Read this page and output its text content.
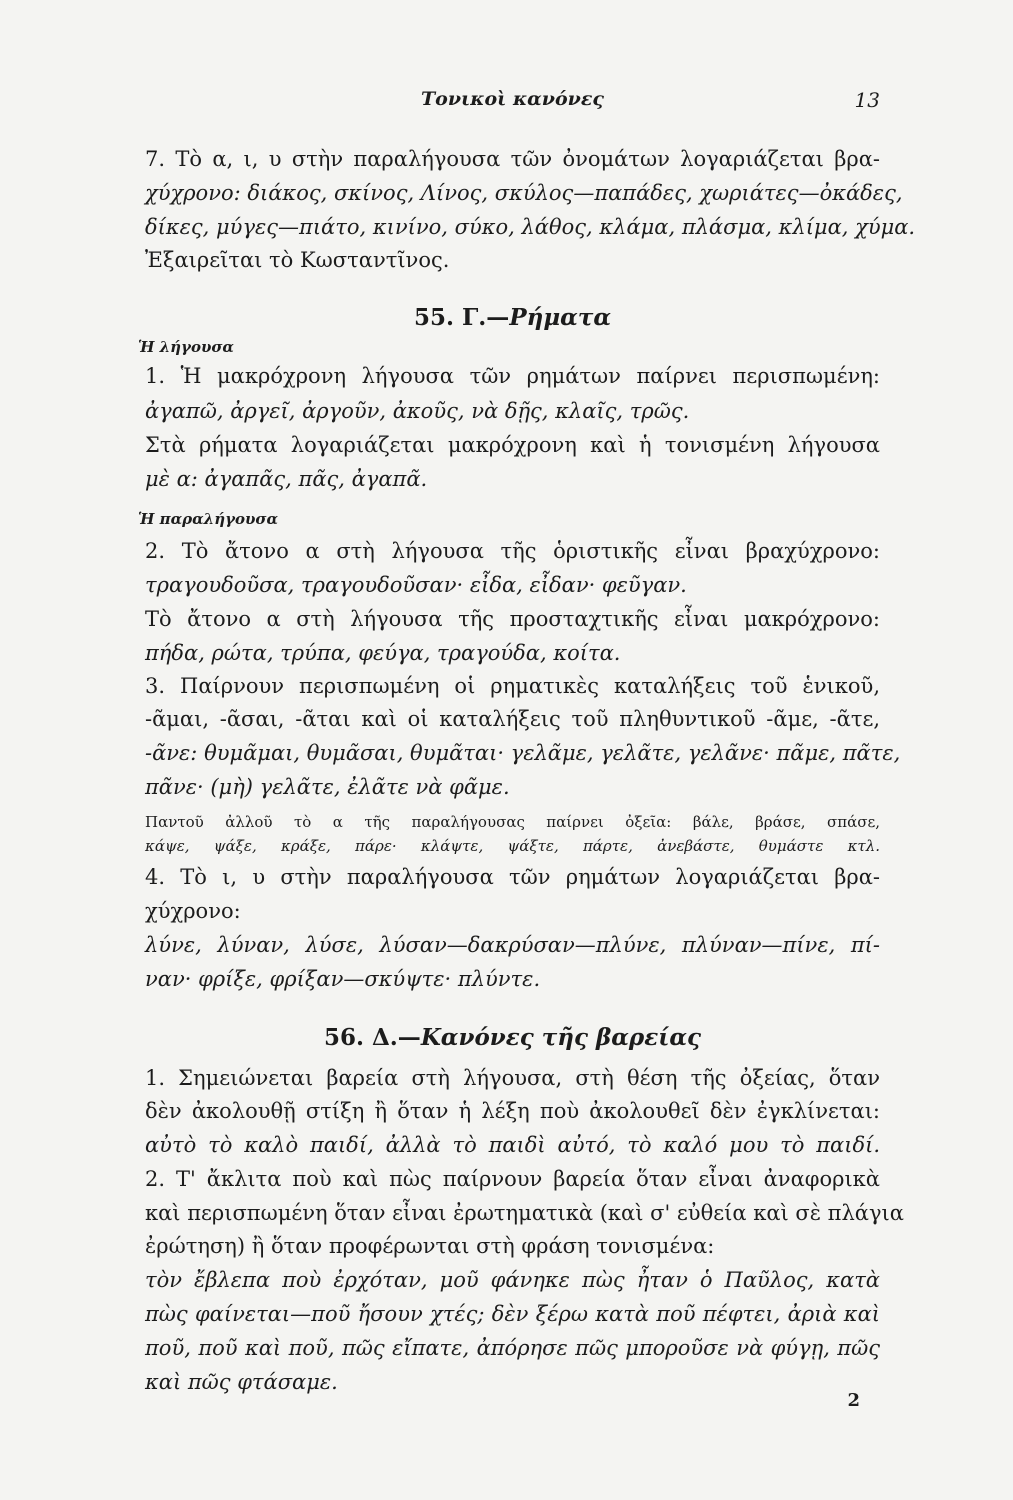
Τονικοὶ κανόνες	13
7. Τὸ α, ι, υ στὴν παραλήγουσα τῶν ὀνομάτων λογαριάζεται βρα-
χύχρονο: διάκος, σκίνος, Λίνος, σκύλος—παπάδες, χωριάτες—ὀκάδες,
δίκες, μύγες—πιάτο, κινίνο, σύκο, λάθος, κλάμα, πλάσμα, κλίμα, χύμα.
Ἐξαιρεῖται τὸ Κωσταντῖνος.
55. Γ.—Ρήματα
Ἡ λήγουσα
1. Ἡ μακρόχρονη λήγουσα τῶν ρημάτων παίρνει περισπωμένη:
ἀγαπῶ, ἀργεῖ, ἀργοῦν, ἀκοῦς, νὰ δῇς, κλαῖς, τρῶς.
Στὰ ρήματα λογαριάζεται μακρόχρονη καὶ ἡ τονισμένη λήγουσα
μὲ α: ἀγαπᾶς, πᾶς, ἀγαπᾶ.
Ἡ παραλήγουσα
2. Τὸ ἄτονο α στὴ λήγουσα τῆς ὁριστικῆς εἶναι βραχύχρονο:
τραγουδοῦσα, τραγουδοῦσαν· εἶδα, εἶδαν· φεῦγαν.
Τὸ ἄτονο α στὴ λήγουσα τῆς προσταχτικῆς εἶναι μακρόχρονο:
πήδα, ρώτα, τρύπα, φεύγα, τραγούδα, κοίτα.
3. Παίρνουν περισπωμένη οἱ ρηματικὲς καταλήξεις τοῦ ἑνικοῦ,
-ᾶμαι, -ᾶσαι, -ᾶται καὶ οἱ καταλήξεις τοῦ πληθυντικοῦ -ᾶμε, -ᾶτε,
-ᾶνε: θυμᾶμαι, θυμᾶσαι, θυμᾶται· γελᾶμε, γελᾶτε, γελᾶνε· πᾶμε, πᾶτε,
πᾶνε· (μὴ) γελᾶτε, ἐλᾶτε νὰ φᾶμε.
Παντοῦ ἀλλοῦ τὸ α τῆς παραλήγουσας παίρνει ὀξεῖα: βάλε, βράσε, σπάσε,
κάψε, ψάξε, κράξε, πάρε· κλάψτε, ψάξτε, πάρτε, ἀνεβάστε, θυμάστε κτλ.
4. Τὸ ι, υ στὴν παραλήγουσα τῶν ρημάτων λογαριάζεται βρα-
χύχρονο:
λύνε, λύναν, λύσε, λύσαν—δακρύσαν—πλύνε, πλύναν—πίνε, πί-
ναν· φρίξε, φρίξαν—σκύψτε· πλύντε.
56. Δ.—Κανόνες τῆς βαρείας
1. Σημειώνεται βαρεία στὴ λήγουσα, στὴ θέση τῆς ὀξείας, ὅταν
δὲν ἀκολουθῇ στίξη ἢ ὅταν ἡ λέξη ποὺ ἀκολουθεῖ δὲν ἐγκλίνεται:
αὐτὸ τὸ καλὸ παιδί, ἀλλὰ τὸ παιδὶ αὐτό, τὸ καλό μου τὸ παιδί.
2. Τ' ἄκλιτα ποὺ καὶ πὼς παίρνουν βαρεία ὅταν εἶναι ἀναφορικὰ
καὶ περισπωμένη ὅταν εἶναι ἐρωτηματικὰ (καὶ σ' εὐθεία καὶ σὲ πλάγια
ἐρώτηση) ἢ ὅταν προφέρωνται στὴ φράση τονισμένα:
τὸν ἔβλεπα ποὺ ἐρχόταν, μοῦ φάνηκε πὼς ἦταν ὁ Παῦλος, κατὰ
πὼς φαίνεται—ποῦ ἤσουν χτές; δὲν ξέρω κατὰ ποῦ πέφτει, ἀριὰ καὶ
ποῦ, ποῦ καὶ ποῦ, πῶς εἴπατε, ἀπόρησε πῶς μποροῦσε νὰ φύγῃ, πῶς
καὶ πῶς φτάσαμε.
2
